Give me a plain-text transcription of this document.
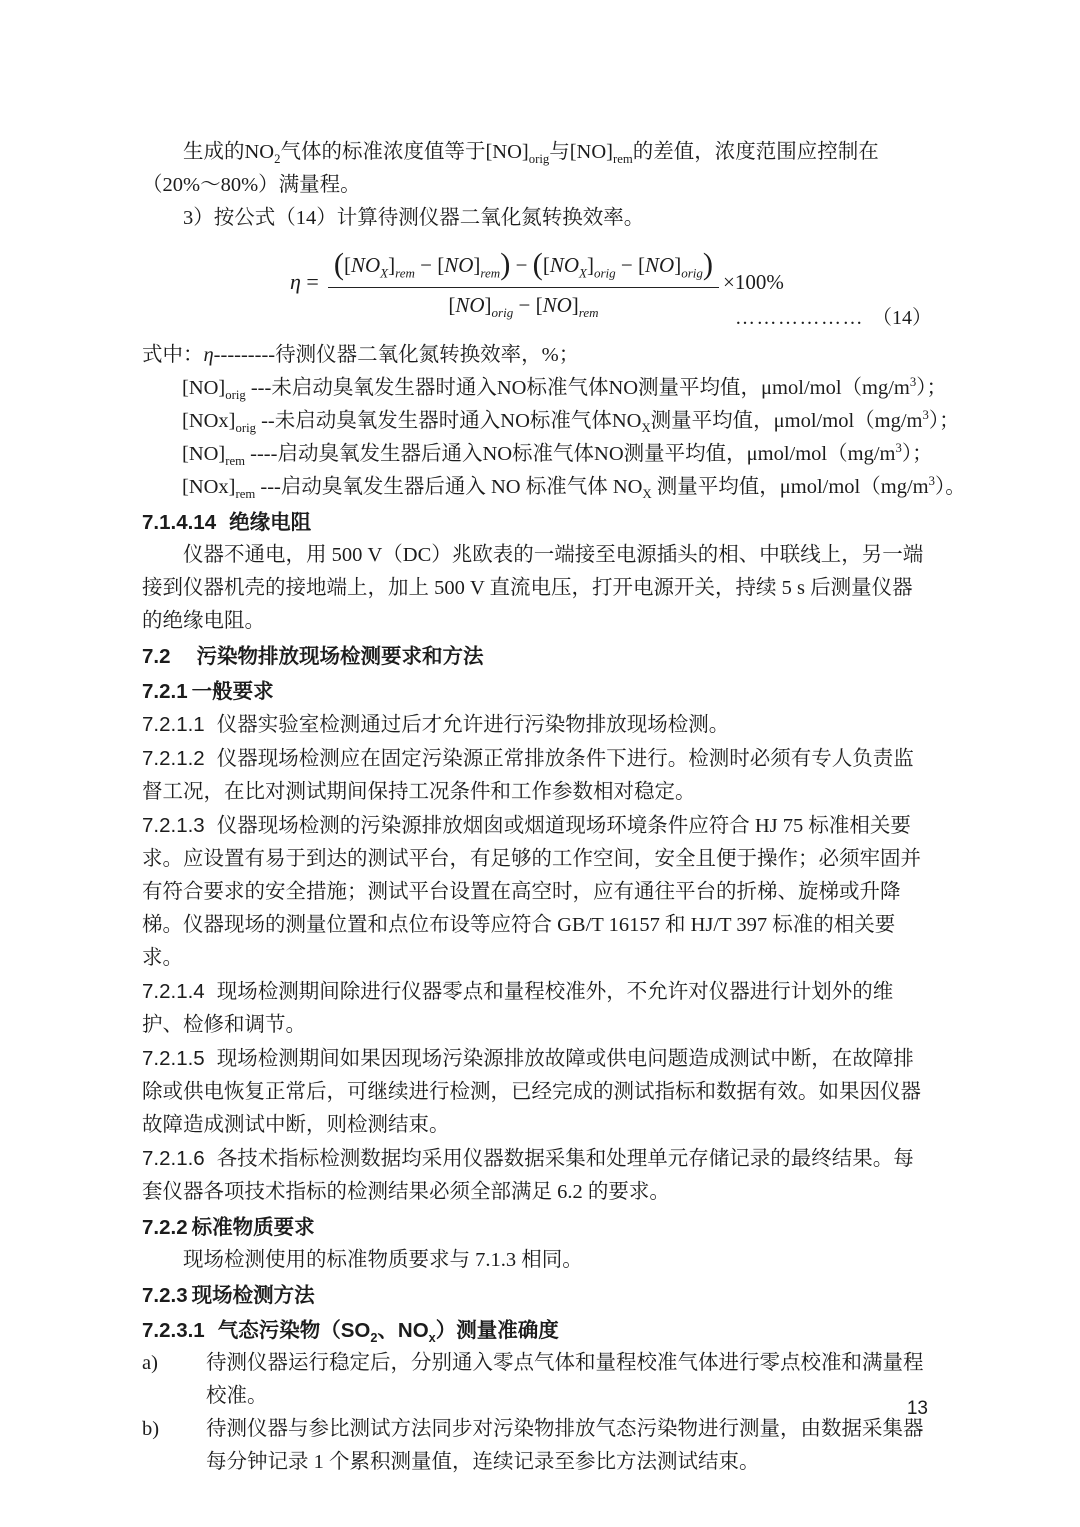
生成的$NO_2$气体的标准浓度值等于$[NO]_{orig}$与$[NO]_{rem}$的差值，浓度范围应控制在（20%～80%）满量程。

3）按公式（14）计算待测仪器二氧化氮转换效率。

$\eta = \frac{([NO_X]_{rem} - [NO]_{rem}) - ([NO_X]_{orig} - [NO]_{orig})}{[NO]_{orig} - [NO]_{rem}} \times 100\%$
……………… （14）

式中：η---------待测仪器二氧化氮转换效率，%；

$[NO]_{orig}$ ---未启动臭氧发生器时通入NO标准气体NO测量平均值，μmol/$mol(mg/m^3)$；

$[NOx]_{orig}$ --未启动臭氧发生器时通入NO标准气体$NO_X$测量平均值，μmol/$mol(mg/m^3)$；

$[NO]_{rem}$ ----启动臭氧发生器后通入NO标准气体NO测量平均值，μmol/$mol(mg/m^3)$；

$[NOx]_{rem}$ ---启动臭氧发生器后通入 NO 标准气体 $NO_X$ 测量平均值，μmol/$mol(mg/m^3)$。

7.1.4.14 绝缘电阻

仪器不通电，用 500 V（DC）兆欧表的一端接至电源插头的相、中联线上，另一端接到仪器机壳的接地端上，加上 500 V 直流电压，打开电源开关，持续 5 s 后测量仪器的绝缘电阻。

7.2 污染物排放现场检测要求和方法
7.2.1 一般要求

7.2.1.1 仪器实验室检测通过后才允许进行污染物排放现场检测。

7.2.1.2 仪器现场检测应在固定污染源正常排放条件下进行。检测时必须有专人负责监督工况，在比对测试期间保持工况条件和工作参数相对稳定。

7.2.1.3 仪器现场检测的污染源排放烟囱或烟道现场环境条件应符合 HJ 75 标准相关要求。应设置有易于到达的测试平台，有足够的工作空间，安全且便于操作；必须牢固并有符合要求的安全措施；测试平台设置在高空时，应有通往平台的折梯、旋梯或升降梯。仪器现场的测量位置和点位布设等应符合 GB/T 16157 和 HJ/T 397 标准的相关要求。

7.2.1.4 现场检测期间除进行仪器零点和量程校准外，不允许对仪器进行计划外的维护、检修和调节。

7.2.1.5 现场检测期间如果因现场污染源排放故障或供电问题造成测试中断，在故障排除或供电恢复正常后，可继续进行检测，已经完成的测试指标和数据有效。如果因仪器故障造成测试中断，则检测结束。

7.2.1.6 各技术指标检测数据均采用仪器数据采集和处理单元存储记录的最终结果。每套仪器各项技术指标的检测结果必须全部满足 6.2 的要求。

7.2.2 标准物质要求

现场检测使用的标准物质要求与 7.1.3 相同。

7.2.3 现场检测方法
7.2.3.1 气态污染物（$SO_2$、$NO_x$）测量准确度
a)	待测仪器运行稳定后，分别通入零点气体和量程校准气体进行零点校准和满量程校准。
b)	待测仪器与参比测试方法同步对污染物排放气态污染物进行测量，由数据采集器每分钟记录 1 个累积测量值，连续记录至参比方法测试结束。
13
